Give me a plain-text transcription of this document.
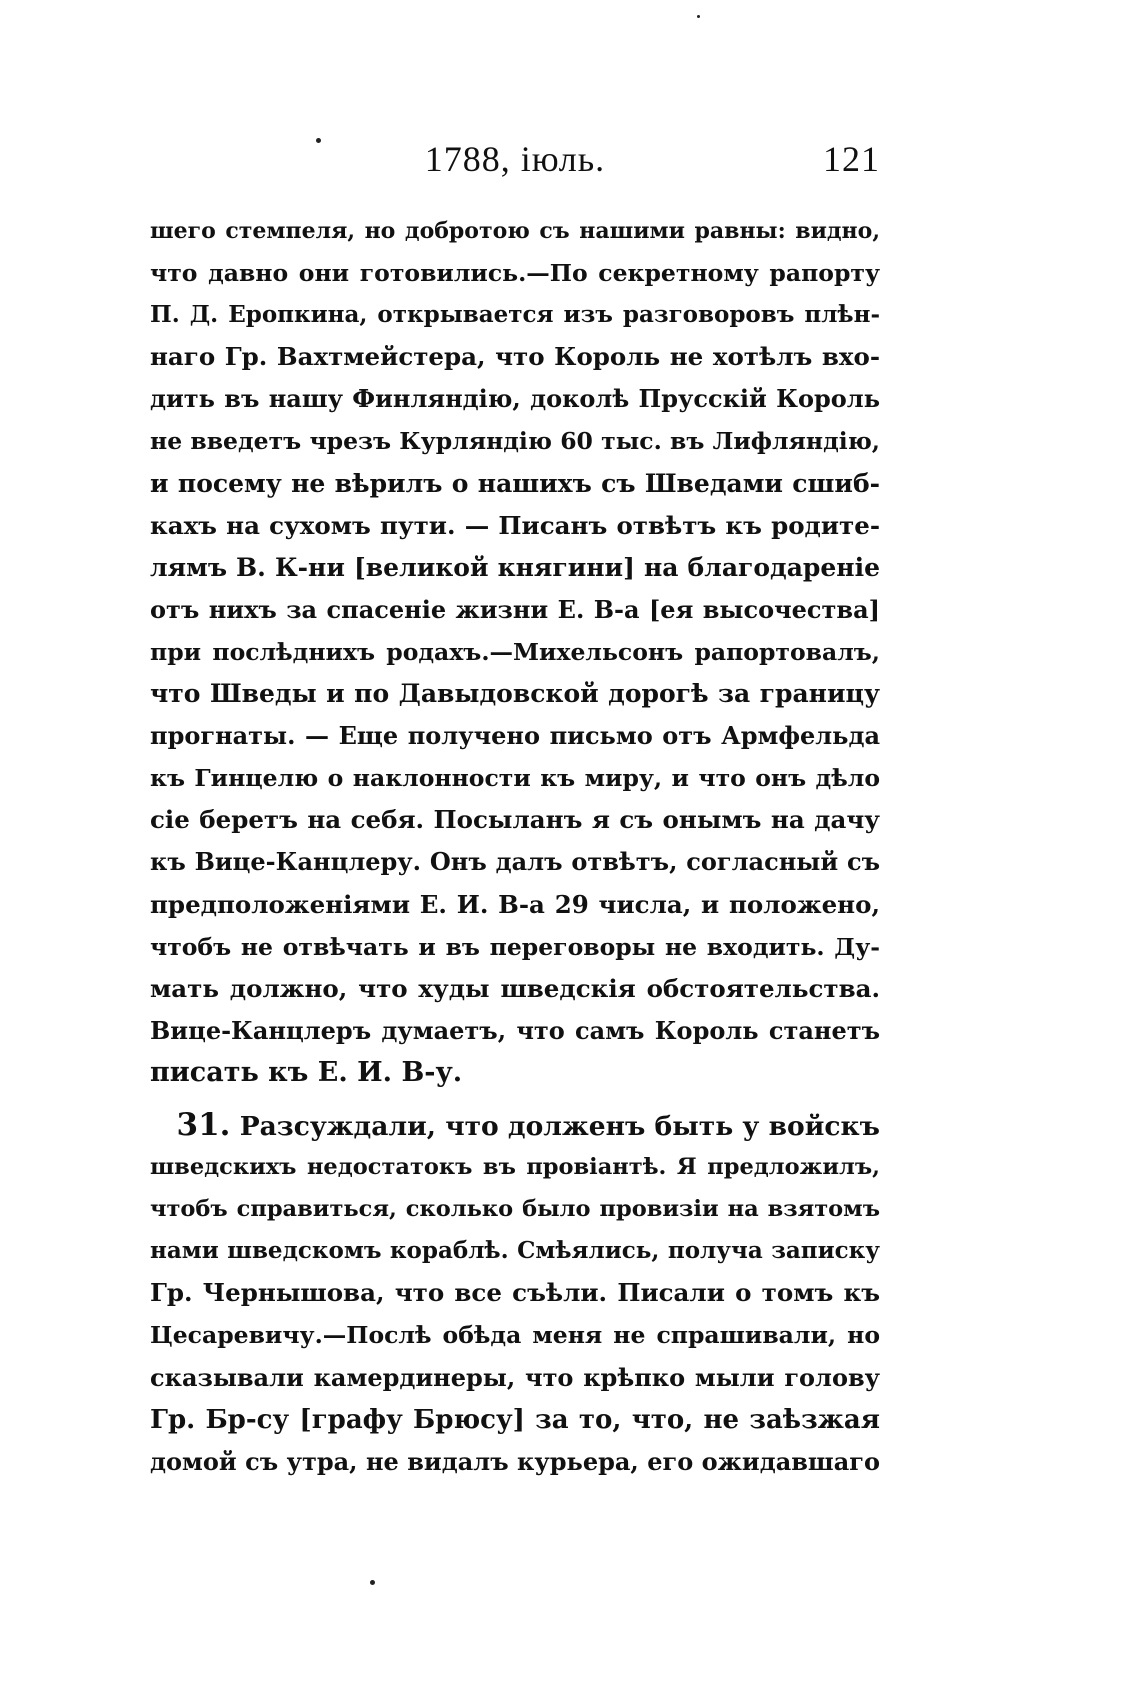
1788, іюль.	121
шего стемпеля, но добротою съ нашими равны: видно,
что давно они готовились.—По секретному рапорту
П. Д. Еропкина, открывается изъ разговоровъ плѣн-
наго Гр. Вахтмейстера, что Король не хотѣлъ вхо-
дить въ нашу Финляндію, доколѣ Прусскій Король
не введетъ чрезъ Курляндію 60 тыс. въ Лифляндію,
и посему не вѣрилъ о нашихъ съ Шведами сшиб-
кахъ на сухомъ пути. — Писанъ отвѣтъ къ родите-
лямъ В. К-ни [великой княгини] на благодареніе
отъ нихъ за спасеніе жизни Е. В-а [ея высочества]
при послѣднихъ родахъ.—Михельсонъ рапортовалъ,
что Шведы и по Давыдовской дорогѣ за границу
прогнаты. — Еще получено письмо отъ Армфельда
къ Гинцелю о наклонности къ миру, и что онъ дѣло
сіе беретъ на себя. Посыланъ я съ онымъ на дачу
къ Вице-Канцлеру. Онъ далъ отвѣтъ, согласный съ
предположеніями Е. И. В-а 29 числа, и положено,
чтобъ не отвѣчать и въ переговоры не входить. Ду-
мать должно, что худы шведскія обстоятельства.
Вице-Канцлеръ думаетъ, что самъ Король станетъ
писать къ Е. И. В-у.
 31. Разсуждали, что долженъ быть у войскъ
шведскихъ недостатокъ въ провіантѣ. Я предложилъ,
чтобъ справиться, сколько было провизіи на взятомъ
нами шведскомъ кораблѣ. Смѣялись, получа записку
Гр. Чернышова, что все съѣли. Писали о томъ къ
Цесаревичу.—Послѣ обѣда меня не спрашивали, но
сказывали камердинеры, что крѣпко мыли голову
Гр. Бр-су [графу Брюсу] за то, что, не заѣзжая
домой съ утра, не видалъ курьера, его ожидавшаго
